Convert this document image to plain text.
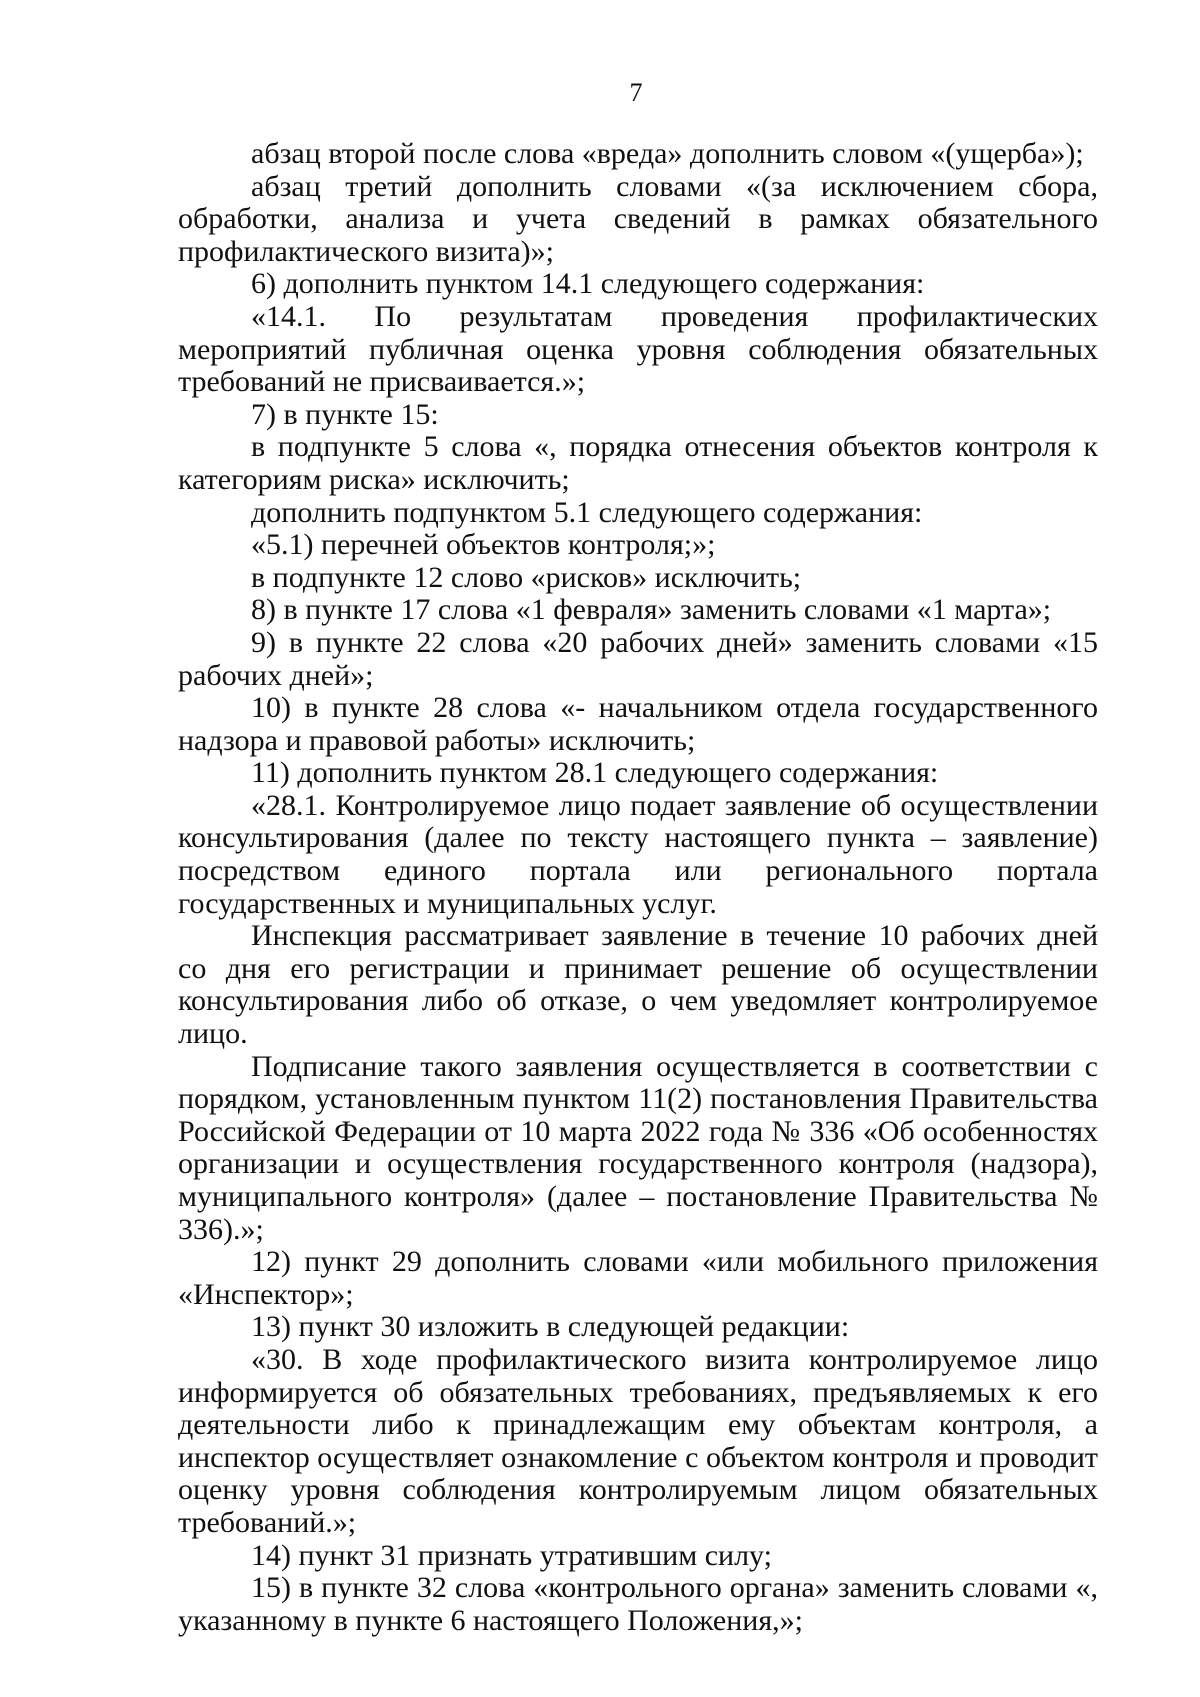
7

абзац второй после слова «вреда» дополнить словом «(ущерба»);

абзац третий дополнить словами «(за исключением сбора, обработки, анализа и учета сведений в рамках обязательного профилактического визита)»;

6) дополнить пунктом 14.1 следующего содержания:

«14.1. По результатам проведения профилактических мероприятий публичная оценка уровня соблюдения обязательных требований не присваивается.»;

7) в пункте 15:

в подпункте 5 слова «, порядка отнесения объектов контроля к категориям риска» исключить;

дополнить подпунктом 5.1 следующего содержания:

«5.1) перечней объектов контроля;»;

в подпункте 12 слово «рисков» исключить;

8) в пункте 17 слова «1 февраля» заменить словами «1 марта»;

9) в пункте 22 слова «20 рабочих дней» заменить словами «15 рабочих дней»;

10) в пункте 28 слова «- начальником отдела государственного надзора и правовой работы» исключить;

11) дополнить пунктом 28.1 следующего содержания:

«28.1. Контролируемое лицо подает заявление об осуществлении консультирования (далее по тексту настоящего пункта – заявление) посредством единого портала или регионального портала государственных и муниципальных услуг.

Инспекция рассматривает заявление в течение 10 рабочих дней со дня его регистрации и принимает решение об осуществлении консультирования либо об отказе, о чем уведомляет контролируемое лицо.

Подписание такого заявления осуществляется в соответствии с порядком, установленным пунктом 11(2) постановления Правительства Российской Федерации от 10 марта 2022 года № 336 «Об особенностях организации и осуществления государственного контроля (надзора), муниципального контроля» (далее – постановление Правительства № 336).»;

12) пункт 29 дополнить словами «или мобильного приложения «Инспектор»;

13) пункт 30 изложить в следующей редакции:

«30. В ходе профилактического визита контролируемое лицо информируется об обязательных требованиях, предъявляемых к его деятельности либо к принадлежащим ему объектам контроля, а инспектор осуществляет ознакомление с объектом контроля и проводит оценку уровня соблюдения контролируемым лицом обязательных требований.»;

14) пункт 31 признать утратившим силу;

15) в пункте 32 слова «контрольного органа» заменить словами «, указанному в пункте 6 настоящего Положения,»;
